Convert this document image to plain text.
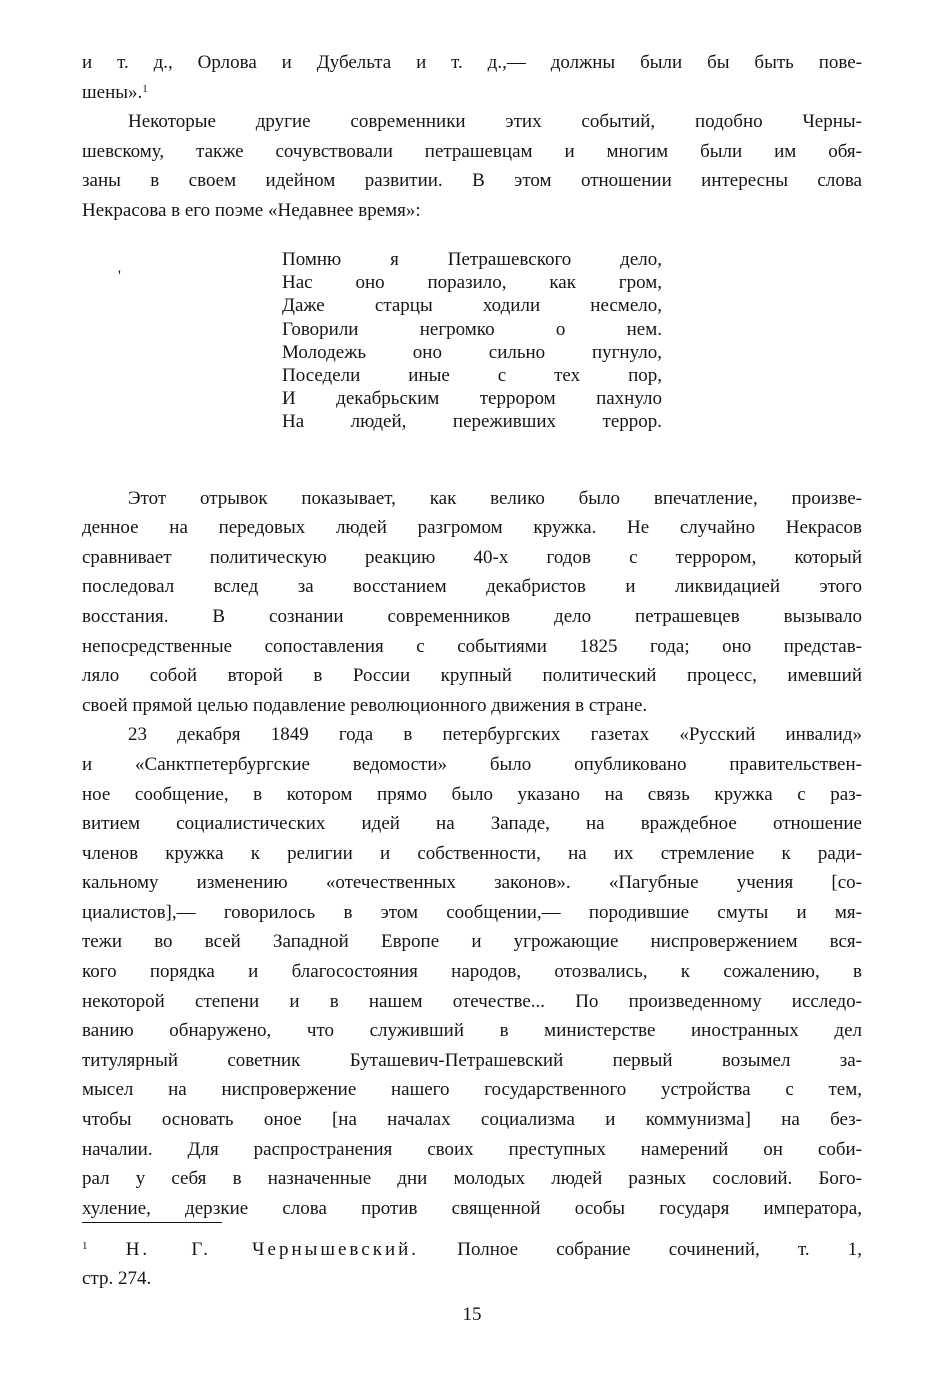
и т. д., Орлова и Дубельта и т. д.,— должны были бы быть пове-
шены».$^1$
Некоторые другие современники этих событий, подобно Черны-
шевскому, также сочувствовали петрашевцам и многим были им обя-
заны в своем идейном развитии. В этом отношении интересны слова
Некрасова в его поэме «Недавнее время»:
Этот отрывок показывает, как велико было впечатление, произве-
денное на передовых людей разгромом кружка. Не случайно Некрасов
сравнивает политическую реакцию 40-х годов с террором, который
последовал вслед за восстанием декабристов и ликвидацией этого
восстания. В сознании современников дело петрашевцев вызывало
непосредственные сопоставления с событиями 1825 года; оно представ-
ляло собой второй в России крупный политический процесс, имевший
своей прямой целью подавление революционного движения в стране.
23 декабря 1849 года в петербургских газетах «Русский инвалид»
и «Санктпетербургские ведомости» было опубликовано правительствен-
ное сообщение, в котором прямо было указано на связь кружка с раз-
витием социалистических идей на Западе, на враждебное отношение
членов кружка к религии и собственности, на их стремление к ради-
кальному изменению «отечественных законов». «Пагубные учения [со-
циалистов],— говорилось в этом сообщении,— породившие смуты и мя-
тежи во всей Западной Европе и угрожающие ниспровержением вся-
кого порядка и благосостояния народов, отозвались, к сожалению, в
некоторой степени и в нашем отечестве... По произведенному исследо-
ванию обнаружено, что служивший в министерстве иностранных дел
титулярный советник Буташевич-Петрашевский первый возымел за-
мысел на ниспровержение нашего государственного устройства с тем,
чтобы основать оное [на началах социализма и коммунизма] на без-
началии. Для распространения своих преступных намерений он соби-
рал у себя в назначенные дни молодых людей разных сословий. Бого-
хуление, дерзкие слова против священной особы государя императора,
'
Помню я Петрашевского дело,
Нас оно поразило, как гром,
Даже старцы ходили несмело,
Говорили негромко о нем.
Молодежь оно сильно пугнуло,
Поседели иные с тех пор,
И декабрьским террором пахнуло
На людей, переживших террор.
$^1$ Н. Г. Чернышевский. Полное собрание сочинений, т. 1,
стр. 274.
15
